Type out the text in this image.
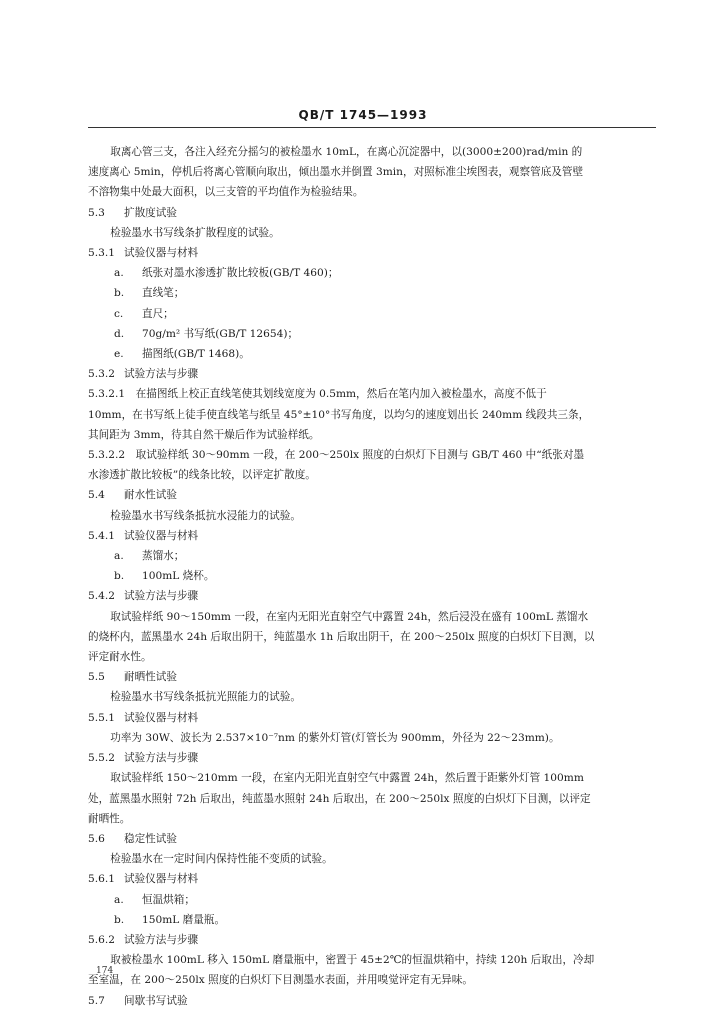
QB/T 1745—1993
取离心管三支，各注入经充分摇匀的被检墨水 10mL，在离心沉淀器中，以(3000±200)rad/min 的
速度离心 5min，停机后将离心管顺向取出，倾出墨水并倒置 3min，对照标准尘埃图表，观察管底及管壁
不溶物集中处最大面积，以三支管的平均值作为检验结果。
5.3 扩散度试验
检验墨水书写线条扩散程度的试验。
5.3.1 试验仪器与材料
a. 纸张对墨水渗透扩散比较板(GB/T 460)；
b. 直线笔；
c. 直尺；
d. 70g/m² 书写纸(GB/T 12654)；
e. 描图纸(GB/T 1468)。
5.3.2 试验方法与步骤
5.3.2.1　在描图纸上校正直线笔使其划线宽度为 0.5mm，然后在笔内加入被检墨水，高度不低于
10mm，在书写纸上徒手使直线笔与纸呈 45°±10°书写角度，以均匀的速度划出长 240mm 线段共三条，
其间距为 3mm，待其自然干燥后作为试验样纸。
5.3.2.2　取试验样纸 30～90mm 一段，在 200～250lx 照度的白炽灯下目测与 GB/T 460 中“纸张对墨
水渗透扩散比较板”的线条比较，以评定扩散度。
5.4 耐水性试验
检验墨水书写线条抵抗水浸能力的试验。
5.4.1 试验仪器与材料
a. 蒸馏水；
b. 100mL 烧杯。
5.4.2 试验方法与步骤
取试验样纸 90～150mm 一段，在室内无阳光直射空气中露置 24h，然后浸没在盛有 100mL 蒸馏水
的烧杯内，蓝黑墨水 24h 后取出阴干，纯蓝墨水 1h 后取出阴干，在 200～250lx 照度的白炽灯下目测，以
评定耐水性。
5.5 耐晒性试验
检验墨水书写线条抵抗光照能力的试验。
5.5.1 试验仪器与材料
功率为 30W、波长为 2.537×10⁻⁷nm 的紫外灯管(灯管长为 900mm，外径为 22～23mm)。
5.5.2 试验方法与步骤
取试验样纸 150～210mm 一段，在室内无阳光直射空气中露置 24h，然后置于距紫外灯管 100mm
处，蓝黑墨水照射 72h 后取出，纯蓝墨水照射 24h 后取出，在 200～250lx 照度的白炽灯下目测，以评定
耐晒性。
5.6 稳定性试验
检验墨水在一定时间内保持性能不变质的试验。
5.6.1 试验仪器与材料
a. 恒温烘箱；
b. 150mL 磨量瓶。
5.6.2 试验方法与步骤
取被检墨水 100mL 移入 150mL 磨量瓶中，密置于 45±2℃的恒温烘箱中，持续 120h 后取出，冷却
至室温，在 200～250lx 照度的白炽灯下目测墨水表面，并用嗅觉评定有无异味。
5.7 间歇书写试验
174
